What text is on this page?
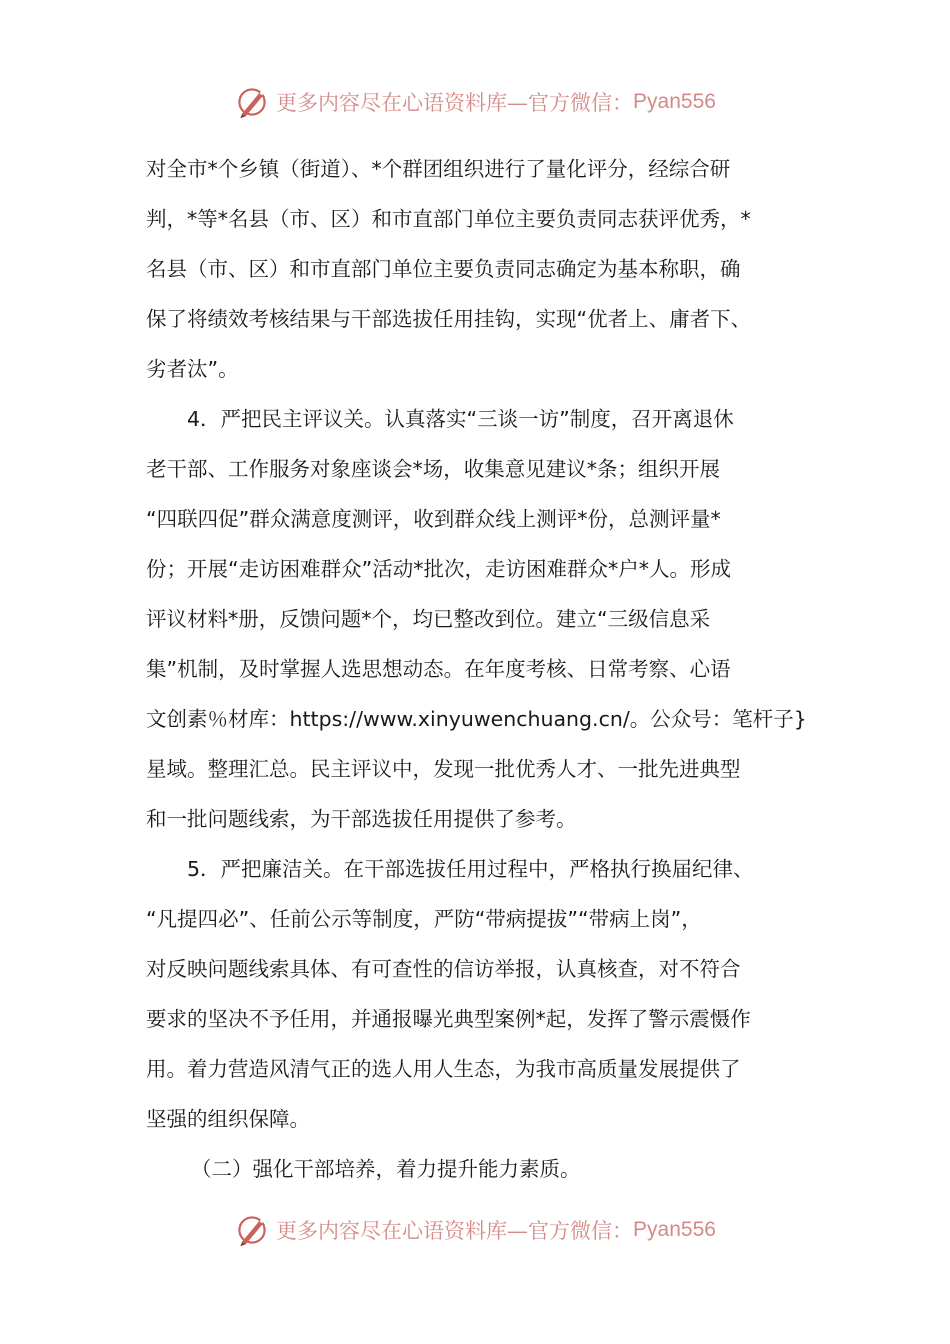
更多内容尽在心语资料库—官方微信： Pyan556
对全市*个乡镇（街道）、*个群团组织进行了量化评分，经综合研
判，*等*名县（市、区）和市直部门单位主要负责同志获评优秀，*
名县（市、区）和市直部门单位主要负责同志确定为基本称职，确
保了将绩效考核结果与干部选拔任用挂钩，实现“优者上、庸者下、
劣者汰”。
4．严把民主评议关。认真落实“三谈一访”制度，召开离退休
老干部、工作服务对象座谈会*场，收集意见建议*条；组织开展
“四联四促”群众满意度测评，收到群众线上测评*份，总测评量*
份；开展“走访困难群众”活动*批次，走访困难群众*户*人。形成
评议材料*册，反馈问题*个，均已整改到位。建立“三级信息采
集”机制，及时掌握人选思想动态。在年度考核、日常考察、心语
文创素％材库：https://www.xinyuwenchuang.cn/。公众号：笔杆子}
星域。整理汇总。民主评议中，发现一批优秀人才、一批先进典型
和一批问题线索，为干部选拔任用提供了参考。
5．严把廉洁关。在干部选拔任用过程中，严格执行换届纪律、
“凡提四必”、任前公示等制度，严防“带病提拔”“带病上岗”，
对反映问题线索具体、有可查性的信访举报，认真核查，对不符合
要求的坚决不予任用，并通报曝光典型案例*起，发挥了警示震慑作
用。着力营造风清气正的选人用人生态，为我市高质量发展提供了
坚强的组织保障。
（二）强化干部培养，着力提升能力素质。
更多内容尽在心语资料库—官方微信： Pyan556
